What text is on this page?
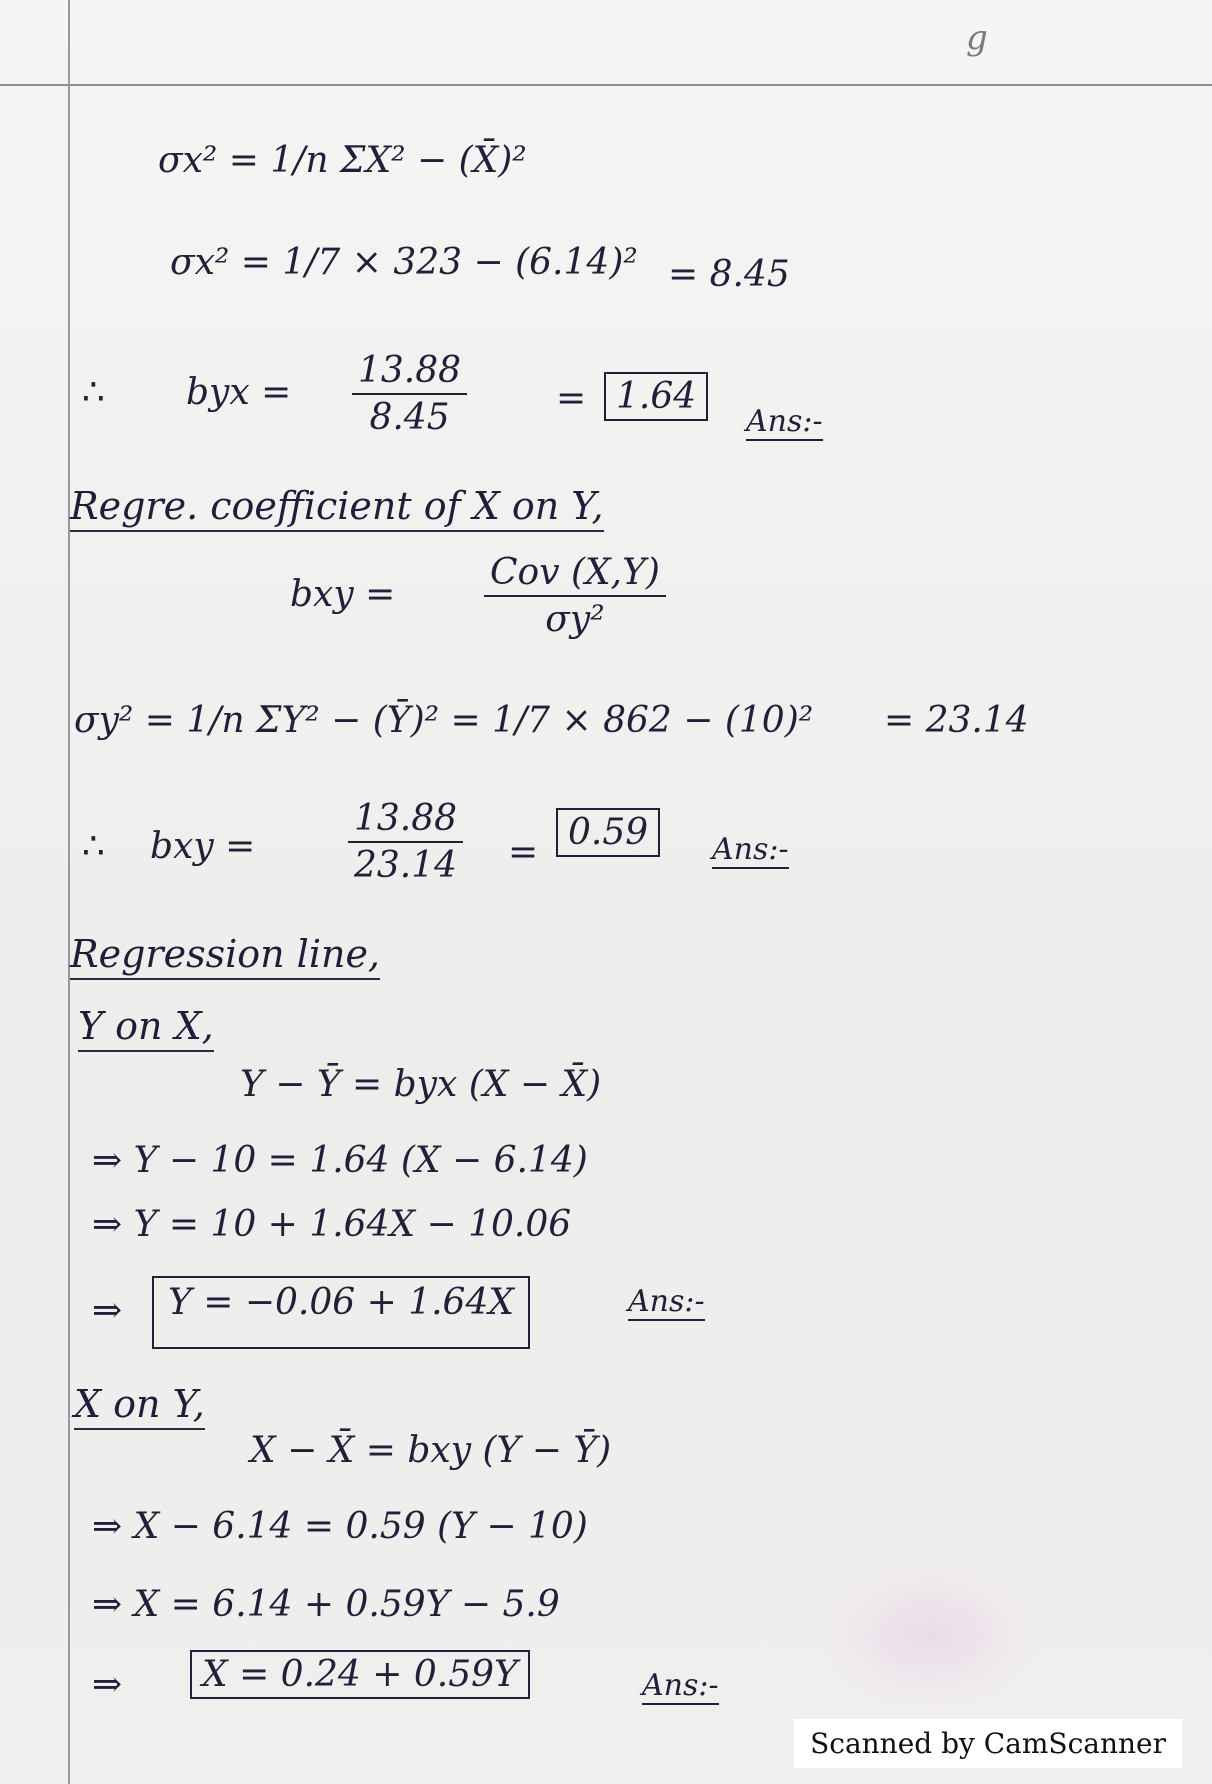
g
σx² = 1/n ΣX² − (X̄)²
σx² = 1/7 × 323 − (6.14)² = 8.45
∴ byx = $\frac{13.88}{8.45} = 1.64$
Ans:-
Regre. coefficient of X on Y,
bxy =
Cov (X,Y)
σy²
σy² = 1/n ΣY² − (Ȳ)² = 1/7 × 862 − (10)² = 23.14
∴ bxy =	$\frac{13.88}{23.14} = 0.59$	Ans:-
Regression line,
Y on X,
Y − Ȳ = byx (X − X̄)
⇒ Y − 10 = 1.64 (X − 6.14)
⇒ Y = 10 + 1.64X − 10.06
⇒	Y = −0.06 + 1.64X	Ans:-
X on Y,
X − X̄ = bxy (Y − Ȳ)
⇒ X − 6.14 = 0.59 (Y − 10)
⇒ X = 6.14 + 0.59Y − 5.9
⇒	X = 0.24 + 0.59Y	Ans:-
Scanned by CamScanner
